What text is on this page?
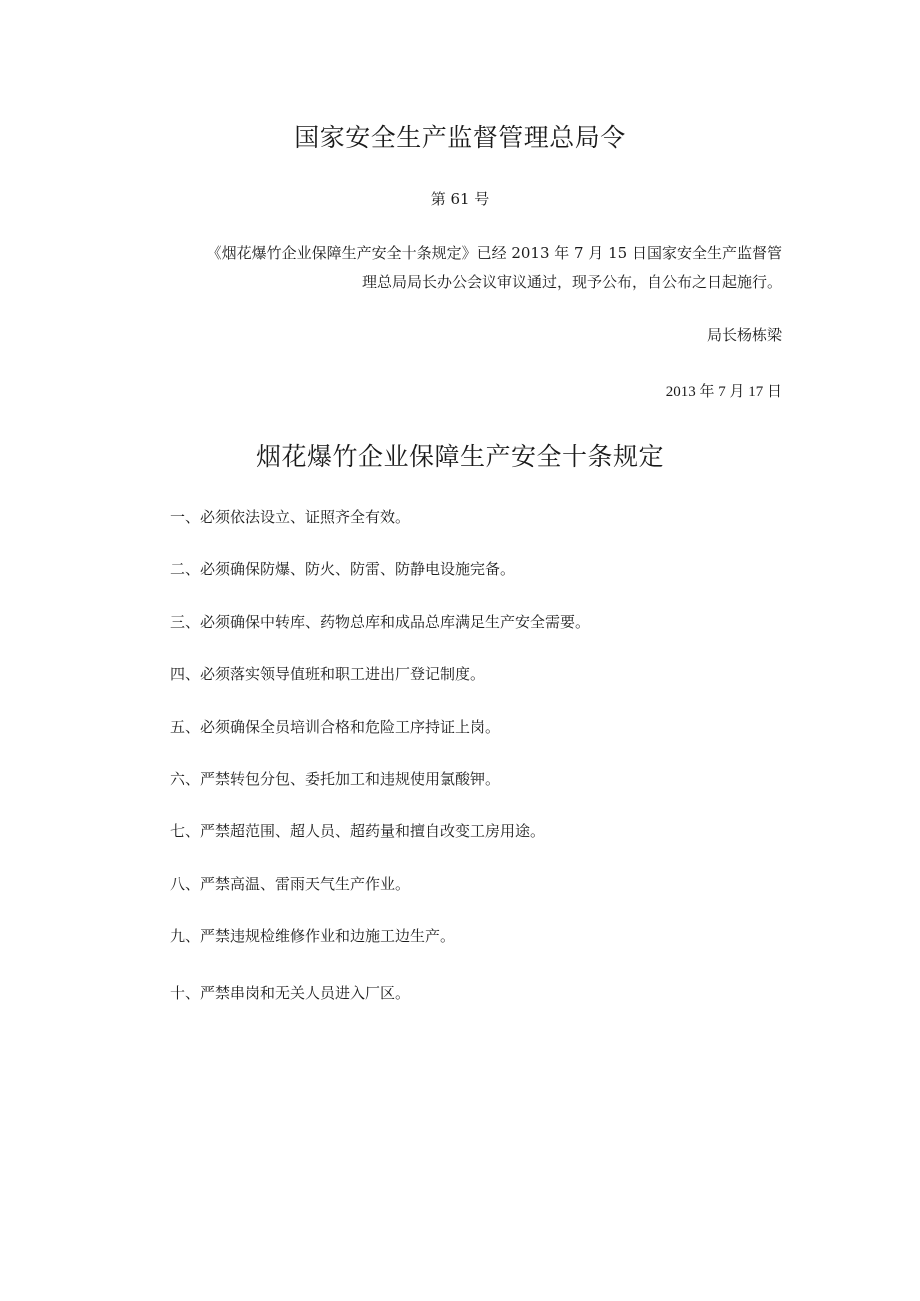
国家安全生产监督管理总局令
第 61 号
《烟花爆竹企业保障生产安全十条规定》已经 2013 年 7 月 15 日国家安全生产监督管
理总局局长办公会议审议通过，现予公布，自公布之日起施行。
局长杨栋梁
2013 年 7 月 17 日
烟花爆竹企业保障生产安全十条规定
一、必须依法设立、证照齐全有效。
二、必须确保防爆、防火、防雷、防静电设施完备。
三、必须确保中转库、药物总库和成品总库满足生产安全需要。
四、必须落实领导值班和职工进出厂登记制度。
五、必须确保全员培训合格和危险工序持证上岗。
六、严禁转包分包、委托加工和违规使用氯酸钾。
七、严禁超范围、超人员、超药量和擅自改变工房用途。
八、严禁高温、雷雨天气生产作业。
九、严禁违规检维修作业和边施工边生产。
十、严禁串岗和无关人员进入厂区。
